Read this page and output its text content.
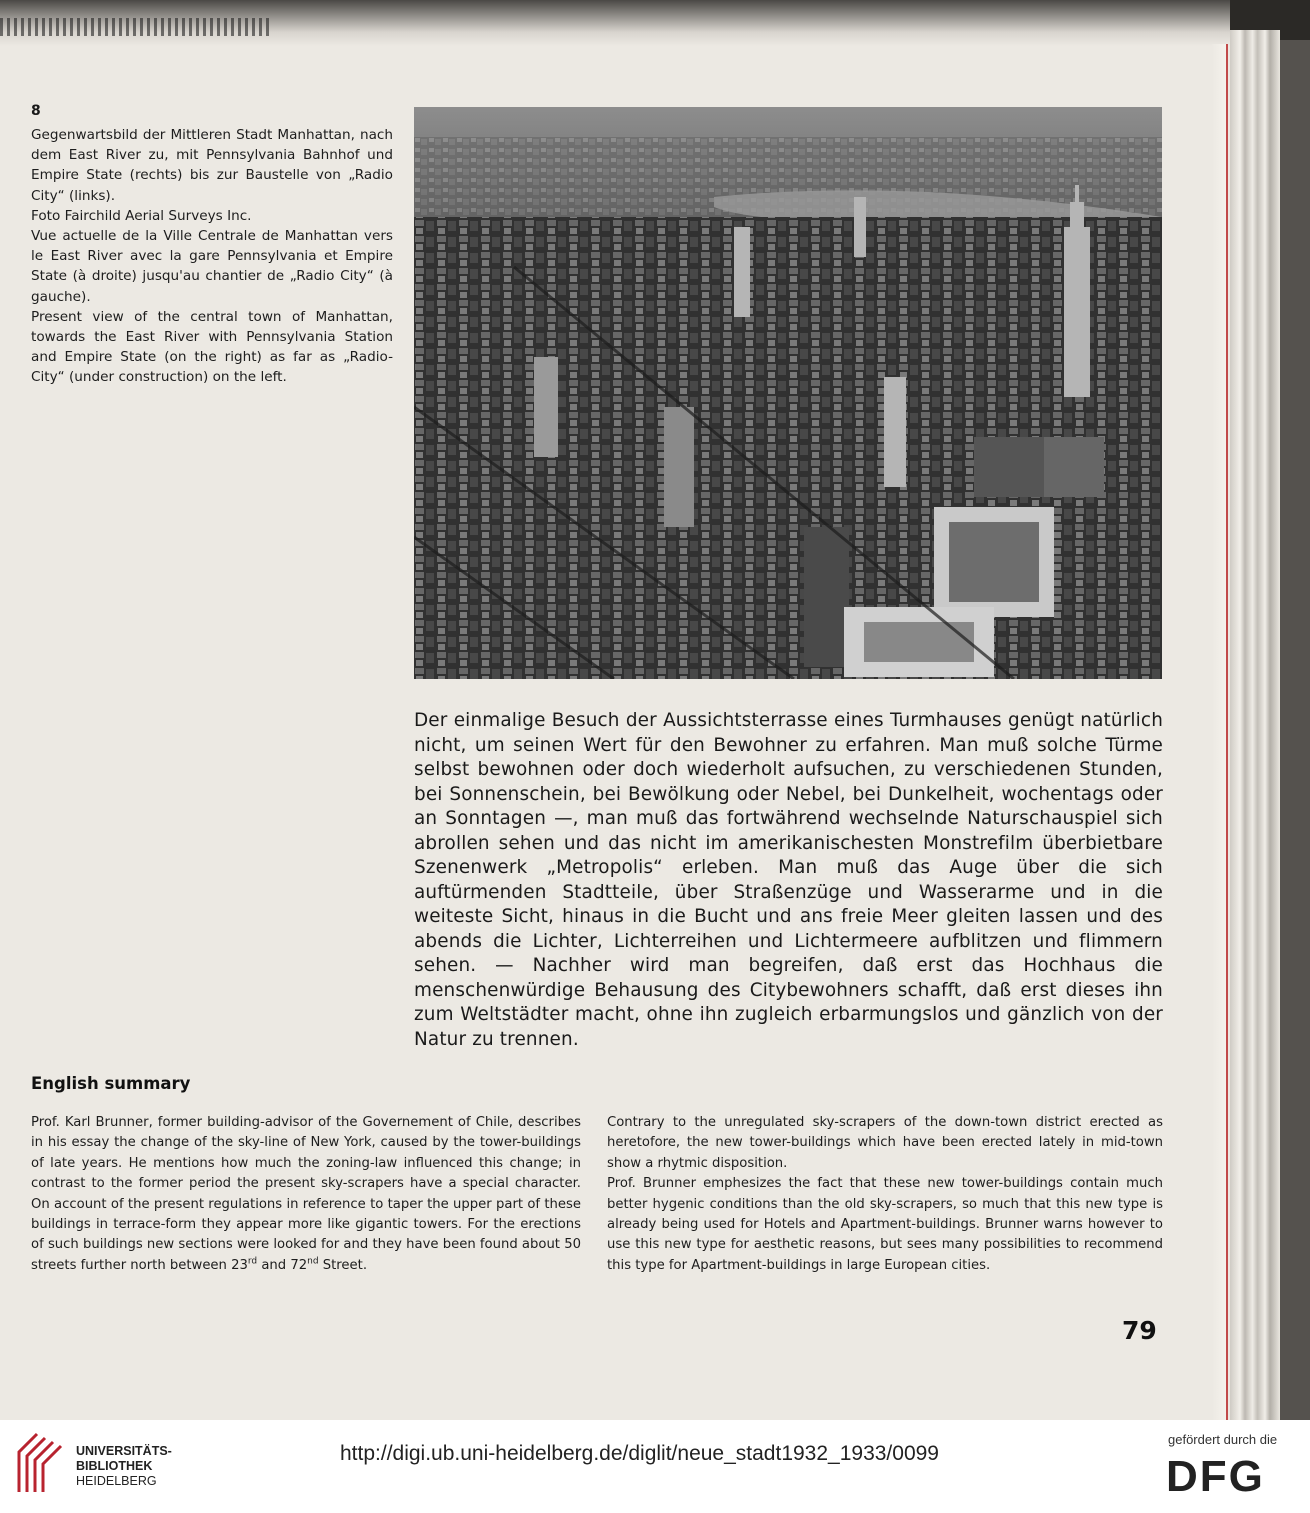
8

Gegenwartsbild der Mittleren Stadt Manhattan, nach dem East River zu, mit Pennsylvania Bahnhof und Empire State (rechts) bis zur Baustelle von „Radio City“ (links).

Foto Fairchild Aerial Surveys Inc.

Vue actuelle de la Ville Centrale de Manhattan vers le East River avec la gare Pennsylvania et Empire State (à droite) jusqu'au chantier de „Radio City“ (à gauche).

Present view of the central town of Manhattan, towards the East River with Pennsylvania Station and Empire State (on the right) as far as „Radio-City“ (under construction) on the left.

Der einmalige Besuch der Aussichtsterrasse eines Turmhauses genügt natürlich nicht, um seinen Wert für den Bewohner zu erfahren. Man muß solche Türme selbst bewohnen oder doch wiederholt aufsuchen, zu verschiedenen Stunden, bei Sonnenschein, bei Bewölkung oder Nebel, bei Dunkelheit, wochentags oder an Sonntagen —, man muß das fortwährend wechselnde Naturschauspiel sich abrollen sehen und das nicht im amerikanischesten Monstrefilm überbietbare Szenenwerk „Metropolis“ erleben. Man muß das Auge über die sich auftürmenden Stadtteile, über Straßenzüge und Wasserarme und in die weiteste Sicht, hinaus in die Bucht und ans freie Meer gleiten lassen und des abends die Lichter, Lichterreihen und Lichtermeere aufblitzen und flimmern sehen. — Nachher wird man begreifen, daß erst das Hochhaus die menschenwürdige Behausung des Citybewohners schafft, daß erst dieses ihn zum Weltstädter macht, ohne ihn zugleich erbarmungslos und gänzlich von der Natur zu trennen.

English summary

Prof. Karl Brunner, former building-advisor of the Governement of Chile, describes in his essay the change of the sky-line of New York, caused by the tower-buildings of late years. He mentions how much the zoning-law influenced this change; in contrast to the former period the present sky-scrapers have a special character. On account of the present regulations in reference to taper the upper part of these buildings in terrace-form they appear more like gigantic towers. For the erections of such buildings new sections were looked for and they have been found about 50 streets further north between 23rd and 72nd Street.

Contrary to the unregulated sky-scrapers of the down-town district erected as heretofore, the new tower-buildings which have been erected lately in mid-town show a rhytmic disposition.

Prof. Brunner emphesizes the fact that these new tower-buildings contain much better hygenic conditions than the old sky-scrapers, so much that this new type is already being used for Hotels and Apartment-buildings. Brunner warns however to use this new type for aesthetic reasons, but sees many possibilities to recommend this type for Apartment-buildings in large European cities.

79
UNIVERSITÄTS-
BIBLIOTHEK
HEIDELBERG
http://digi.ub.uni-heidelberg.de/diglit/neue_stadt1932_1933/0099
gefördert durch die
DFG
